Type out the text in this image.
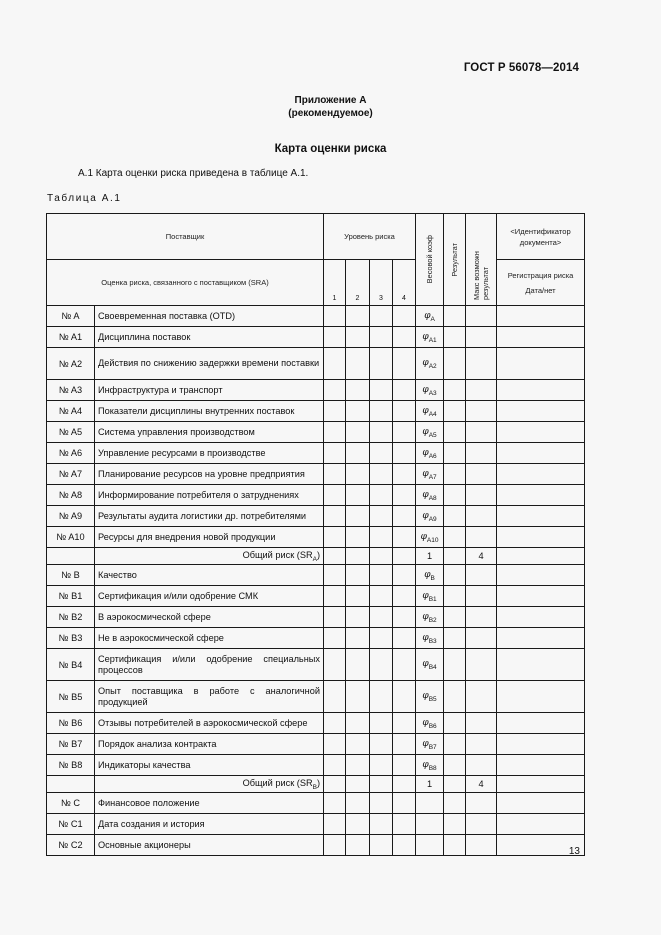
ГОСТ Р 56078—2014
Приложение А
(рекомендуемое)
Карта оценки риска
А.1 Карта оценки риска приведена в таблице А.1.
Таблица А.1
Поставщик		Уровень риска				Весовой коэф	Результат	Макс возможн результат	<Идентификатор документа>
Оценка риска, связанного с поставщиком (SRA)		1	2	3	4				Регистрация риска
Дата/нет

№ A	Своевременная поставка (OTD)					$\varphi_A$			
№ A1	Дисциплина поставок					$\varphi_{A1}$			
№ A2	Действия по снижению задержки времени поставки					$\varphi_{A2}$			
№ A3	Инфраструктура и транспорт					$\varphi_{A3}$			
№ A4	Показатели дисциплины внутренних поставок					$\varphi_{A4}$			
№ A5	Система управления производством					$\varphi_{A5}$			
№ A6	Управление ресурсами в производстве					$\varphi_{A6}$			
№ A7	Планирование ресурсов на уровне предприятия					$\varphi_{A7}$			
№ A8	Информирование потребителя о затруднениях					$\varphi_{A8}$			
№ A9	Результаты аудита логистики др. потребителями					$\varphi_{A9}$			
№ A10	Ресурсы для внедрения новой продукции					$\varphi_{A10}$			
	Общий риск $(SR_A)$					1		4	
№ B	Качество					$\varphi_B$			
№ B1	Сертификация и/или одобрение СМК					$\varphi_{B1}$			
№ B2	В аэрокосмической сфере					$\varphi_{B2}$			
№ B3	Не в аэрокосмической сфере					$\varphi_{B3}$			
№ B4	Сертификация и/или одобрение специальных процессов					$\varphi_{B4}$			
№ B5	Опыт поставщика в работе с аналогичной продукцией					$\varphi_{B5}$			
№ B6	Отзывы потребителей в аэрокосмической сфере					$\varphi_{B6}$			
№ B7	Порядок анализа контракта					$\varphi_{B7}$			
№ B8	Индикаторы качества					$\varphi_{B8}$			
	Общий риск $(SR_B)$					1		4	
№ C	Финансовое положение								
№ C1	Дата создания и история								
№ C2	Основные акционеры								
13
